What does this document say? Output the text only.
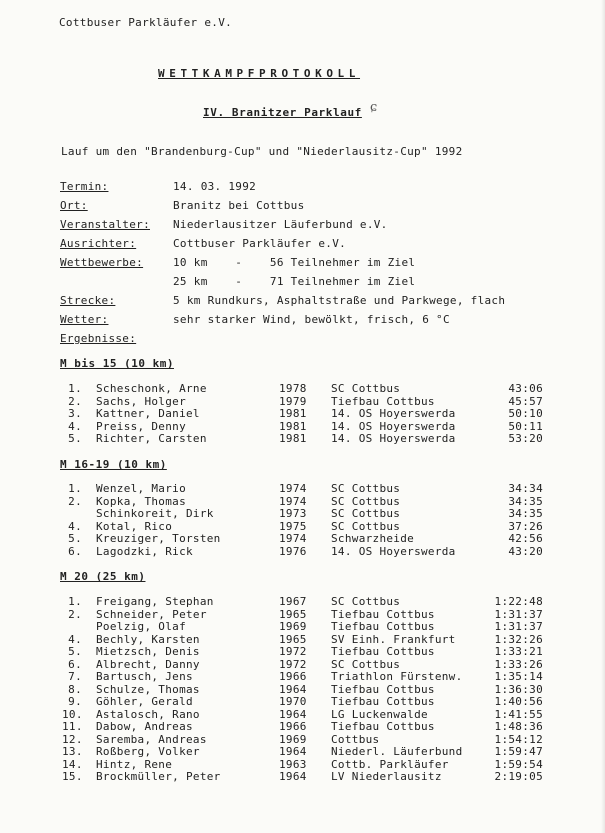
Cottbuser Parkläufer e.V.
WETTKAMPFPROTOKOLL
IV. Branitzer Parklauf ɕ
Lauf um den "Brandenburg-Cup" und "Niederlausitz-Cup" 1992
Termin:	14. 03. 1992
Ort:	Branitz bei Cottbus
Veranstalter: Niederlausitzer Läuferbund e.V.
Ausrichter:	Cottbuser Parkläufer e.V.
Wettbewerbe:	10 km    -    56 Teilnehmer im Ziel
25 km    -    71 Teilnehmer im Ziel
Strecke:	5 km Rundkurs, Asphaltstraße und Parkwege, flach
Wetter:	sehr starker Wind, bewölkt, frisch, 6 °C
Ergebnisse:
M bis 15 (10 km)
1. Scheschonk, Arne	1978 SC Cottbus	43:06
2. Sachs, Holger	1979 Tiefbau Cottbus	45:57
3. Kattner, Daniel	1981 14. OS Hoyerswerda	50:10
4. Preiss, Denny	1981 14. OS Hoyerswerda	50:11
5. Richter, Carsten	1981 14. OS Hoyerswerda	53:20
M 16-19 (10 km)
1. Wenzel, Mario	1974 SC Cottbus	34:34
2. Kopka, Thomas	1974 SC Cottbus	34:35
Schinkoreit, Dirk	1973 SC Cottbus	34:35
4. Kotal, Rico	1975 SC Cottbus	37:26
5. Kreuziger, Torsten	1974 Schwarzheide	42:56
6. Lagodzki, Rick	1976 14. OS Hoyerswerda	43:20
M 20 (25 km)
1. Freigang, Stephan	1967 SC Cottbus	1:22:48
2. Schneider, Peter	1965 Tiefbau Cottbus	1:31:37
Poelzig, Olaf	1969 Tiefbau Cottbus	1:31:37
4. Bechly, Karsten	1965 SV Einh. Frankfurt	1:32:26
5. Mietzsch, Denis	1972 Tiefbau Cottbus	1:33:21
6. Albrecht, Danny	1972 SC Cottbus	1:33:26
7. Bartusch, Jens	1966 Triathlon Fürstenw.	1:35:14
8. Schulze, Thomas	1964 Tiefbau Cottbus	1:36:30
9. Göhler, Gerald	1970 Tiefbau Cottbus	1:40:56
10. Astalosch, Rano	1964 LG Luckenwalde	1:41:55
11. Dabow, Andreas	1966 Tiefbau Cottbus	1:48:36
12. Saremba, Andreas	1969 Cottbus	1:54:12
13. Roßberg, Volker	1964 Niederl. Läuferbund	1:59:47
14. Hintz, Rene	1963 Cottb. Parkläufer	1:59:54
15. Brockmüller, Peter	1964 LV Niederlausitz	2:19:05
